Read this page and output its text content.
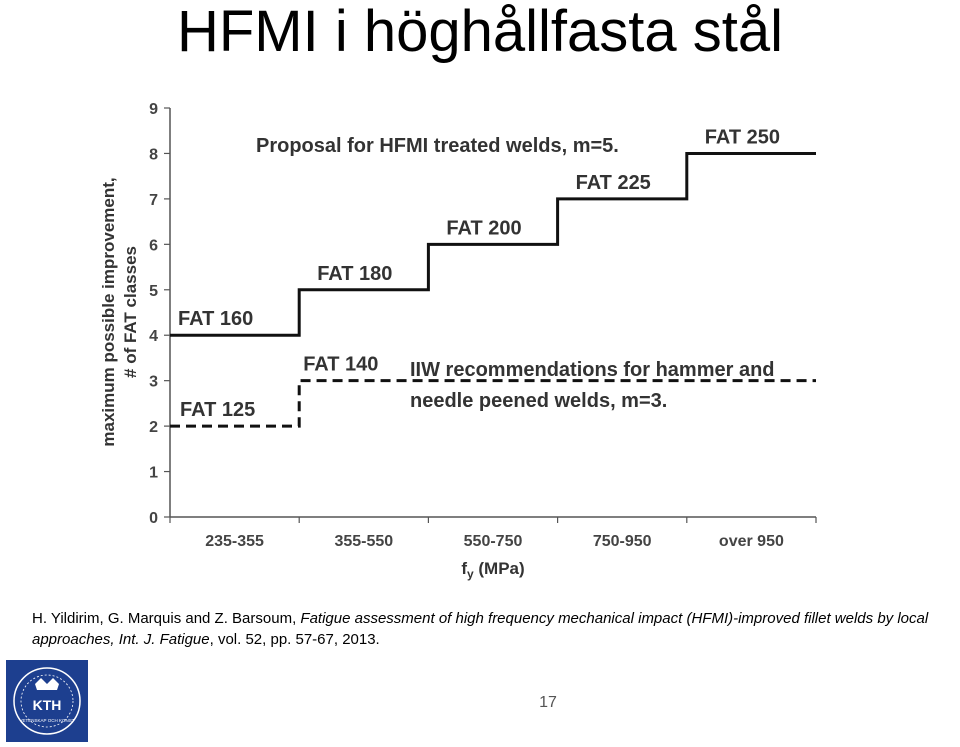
HFMI i höghållfasta stål
0
1
2
3
4
5
6
7
8
9
235-355	355-550	550-750	750-950	over 950
FAT 160
FAT 180
FAT 200
FAT 225
FAT 250
FAT 125
FAT 140
Proposal for HFMI treated welds, m=5.
IIW recommendations for hammer and
needle peened welds, m=3.
maximum possible improvement, # of FAT classes
$f_y$ (MPa)
H. Yildirim, G. Marquis and Z. Barsoum, Fatigue assessment of high frequency mechanical impact (HFMI)-improved fillet welds by local approaches, Int. J. Fatigue, vol. 52, pp. 57-67, 2013.
KTH
VETENSKAP OCH KONST
17
